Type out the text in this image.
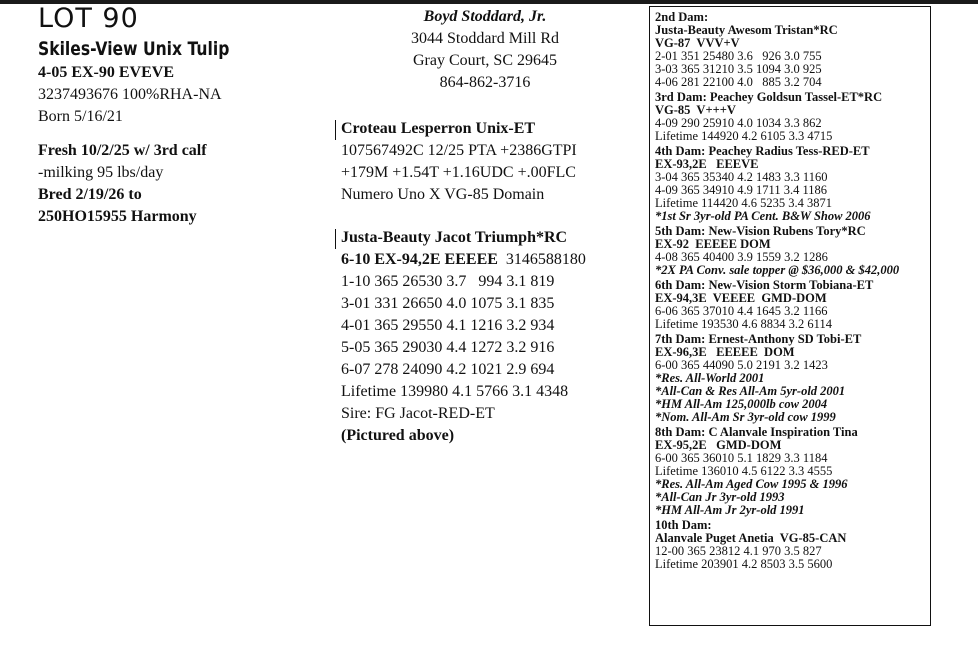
LOT 90
Skiles-View Unix Tulip
4-05 EX-90 EVEVE
3237493676 100%RHA-NA
Born 5/16/21
Fresh 10/2/25 w/ 3rd calf
-milking 95 lbs/day
Bred 2/19/26 to
250HO15955 Harmony
Boyd Stoddard, Jr.
3044 Stoddard Mill Rd
Gray Court, SC 29645
864-862-3716
Croteau Lesperron Unix-ET
107567492C 12/25 PTA +2386GTPI
+179M +1.54T +1.16UDC +.00FLC
Numero Uno X VG-85 Domain
Justa-Beauty Jacot Triumph*RC
6-10 EX-94,2E EEEEE  3146588180
1-10 365 26530 3.7   994 3.1 819
3-01 331 26650 4.0 1075 3.1 835
4-01 365 29550 4.1 1216 3.2 934
5-05 365 29030 4.4 1272 3.2 916
6-07 278 24090 4.2 1021 2.9 694
Lifetime 139980 4.1 5766 3.1 4348
Sire: FG Jacot-RED-ET
(Pictured above)
2nd Dam:
Justa-Beauty Awesom Tristan*RC
VG-87  VVV+V
2-01 351 25480 3.6   926 3.0 755
3-03 365 31210 3.5 1094 3.0 925
4-06 281 22100 4.0   885 3.2 704
3rd Dam: Peachey Goldsun Tassel-ET*RC
VG-85  V+++V
4-09 290 25910 4.0 1034 3.3 862
Lifetime 144920 4.2 6105 3.3 4715
4th Dam: Peachey Radius Tess-RED-ET
EX-93,2E   EEEVE
3-04 365 35340 4.2 1483 3.3 1160
4-09 365 34910 4.9 1711 3.4 1186
Lifetime 114420 4.6 5235 3.4 3871
*1st Sr 3yr-old PA Cent. B&W Show 2006
5th Dam: New-Vision Rubens Tory*RC
EX-92  EEEEE DOM
4-08 365 40400 3.9 1559 3.2 1286
*2X PA Conv. sale topper @ $36,000 & $42,000
6th Dam: New-Vision Storm Tobiana-ET
EX-94,3E  VEEEE  GMD-DOM
6-06 365 37010 4.4 1645 3.2 1166
Lifetime 193530 4.6 8834 3.2 6114
7th Dam: Ernest-Anthony SD Tobi-ET
EX-96,3E   EEEEE  DOM
6-00 365 44090 5.0 2191 3.2 1423
*Res. All-World 2001
*All-Can & Res All-Am 5yr-old 2001
*HM All-Am 125,000lb cow 2004
*Nom. All-Am Sr 3yr-old cow 1999
8th Dam: C Alanvale Inspiration Tina
EX-95,2E   GMD-DOM
6-00 365 36010 5.1 1829 3.3 1184
Lifetime 136010 4.5 6122 3.3 4555
*Res. All-Am Aged Cow 1995 & 1996
*All-Can Jr 3yr-old 1993
*HM All-Am Jr 2yr-old 1991
10th Dam:
Alanvale Puget Anetia  VG-85-CAN
12-00 365 23812 4.1 970 3.5 827
Lifetime 203901 4.2 8503 3.5 5600
